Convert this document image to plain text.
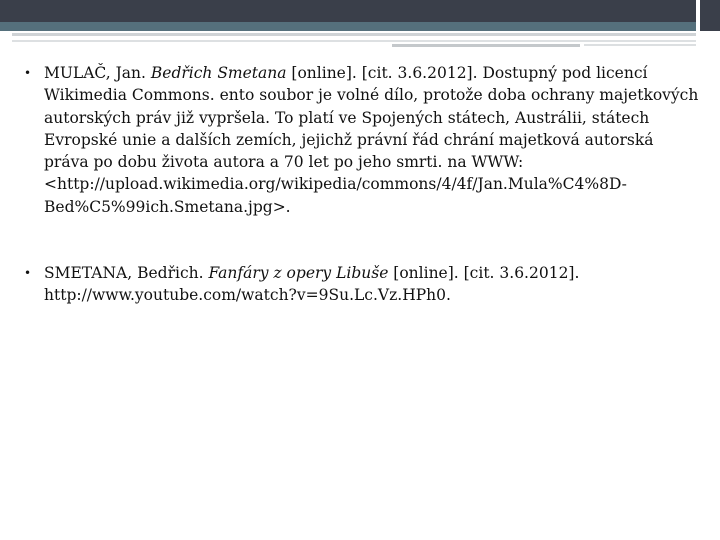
• MULAČ, Jan. Bedřich Smetana [online]. [cit. 3.6.2012]. Dostupný pod licencí Wikimedia Commons. ento soubor je volné dílo, protože doba ochrany majetkových autorských práv již vypršela. To platí ve Spojených státech, Austrálii, státech Evropské unie a dalších zemích, jejichž právní řád chrání majetková autorská práva po dobu života autora a 70 let po jeho smrti. na WWW: <http://upload.wikimedia.org/wikipedia/commons/4/4f/Jan.Mula%C4%8D-Bed%C5%99ich.Smetana.jpg>.
• SMETANA, Bedřich. Fanfáry z opery Libuše [online]. [cit. 3.6.2012]. http://www.youtube.com/watch?v=9Su.Lc.Vz.HPh0.
